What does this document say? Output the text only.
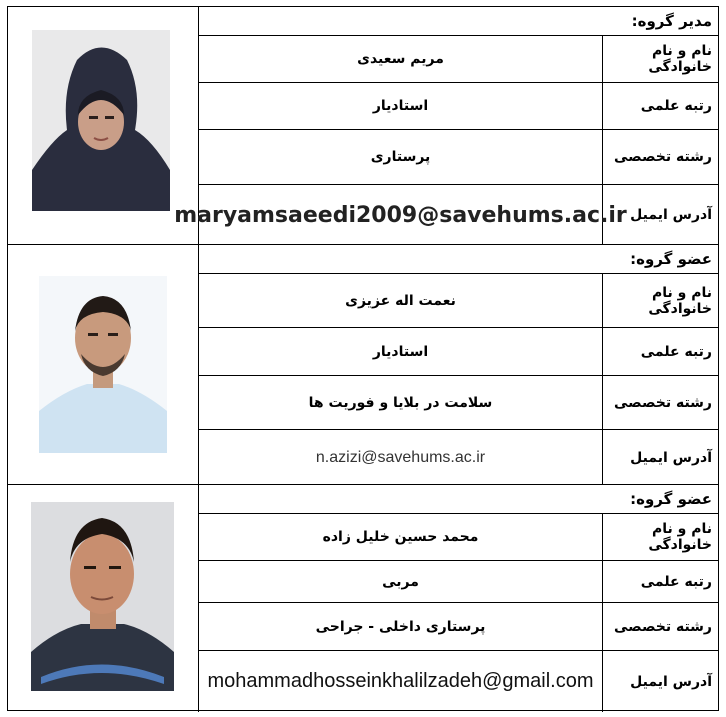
مدیر گروه:
نام و نام خانوادگی
مریم سعیدی
رتبه علمی
استادیار
رشته تخصصی
پرستاری
آدرس ایمیل
maryamsaeedi2009@savehums.ac.ir
عضو گروه:
نام و نام خانوادگی
نعمت اله عزیزی
رتبه علمی
استادیار
رشته تخصصی
سلامت در بلایا و فوریت ها
آدرس ایمیل
n.azizi@savehums.ac.ir
عضو گروه:
نام و نام خانوادگی
محمد حسین خلیل زاده
رتبه علمی
مربی
رشته تخصصی
پرستاری داخلی - جراحی
آدرس ایمیل
mohammadhosseinkhalilzadeh@gmail.com
